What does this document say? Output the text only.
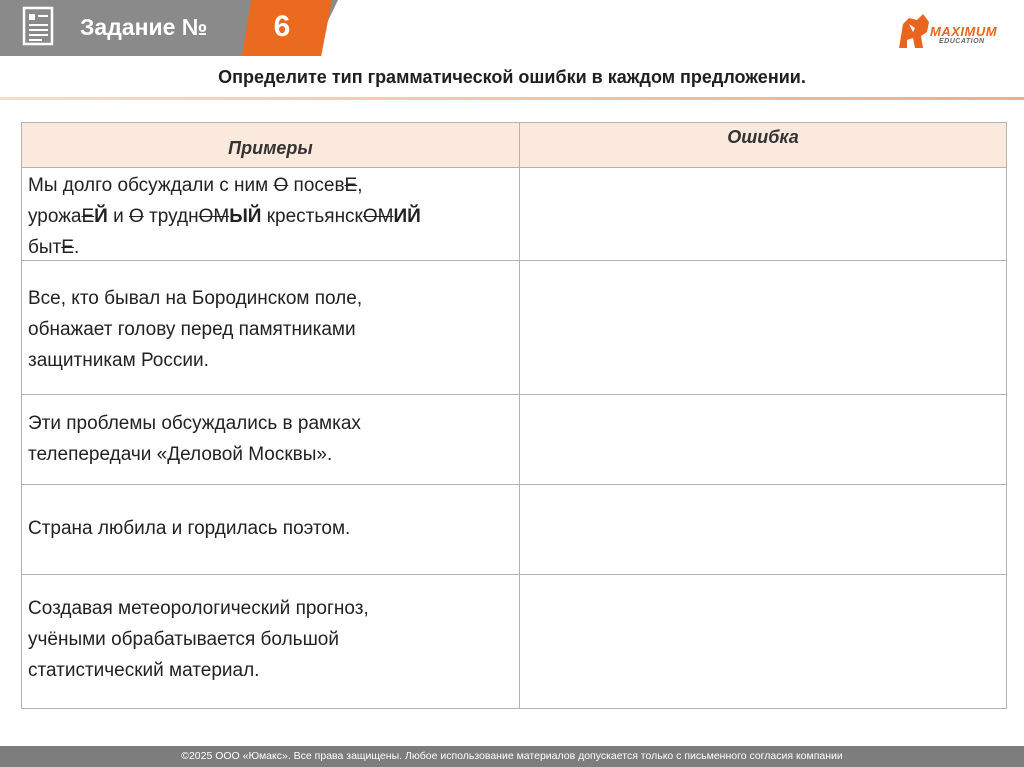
Задание №	6	MAXIMUM
EDUCATION
Определите тип грамматической ошибки в каждом предложении.
Примеры
Ошибка
Мы долго обсуждали с ним О посевЕ,
урожаЕЙ и О труднОМЫЙ крестьянскОМИЙ
бытЕ.
Все, кто бывал на Бородинском поле,
обнажает голову перед памятниками
защитникам России.
Эти проблемы обсуждались в рамках
телепередачи «Деловой Москвы».
Страна любила и гордилась поэтом.
Создавая метеорологический прогноз,
учёными обрабатывается большой
статистический материал.
©2025 ООО «Юмакс». Все права защищены. Любое использование материалов допускается только с письменного согласия компании
